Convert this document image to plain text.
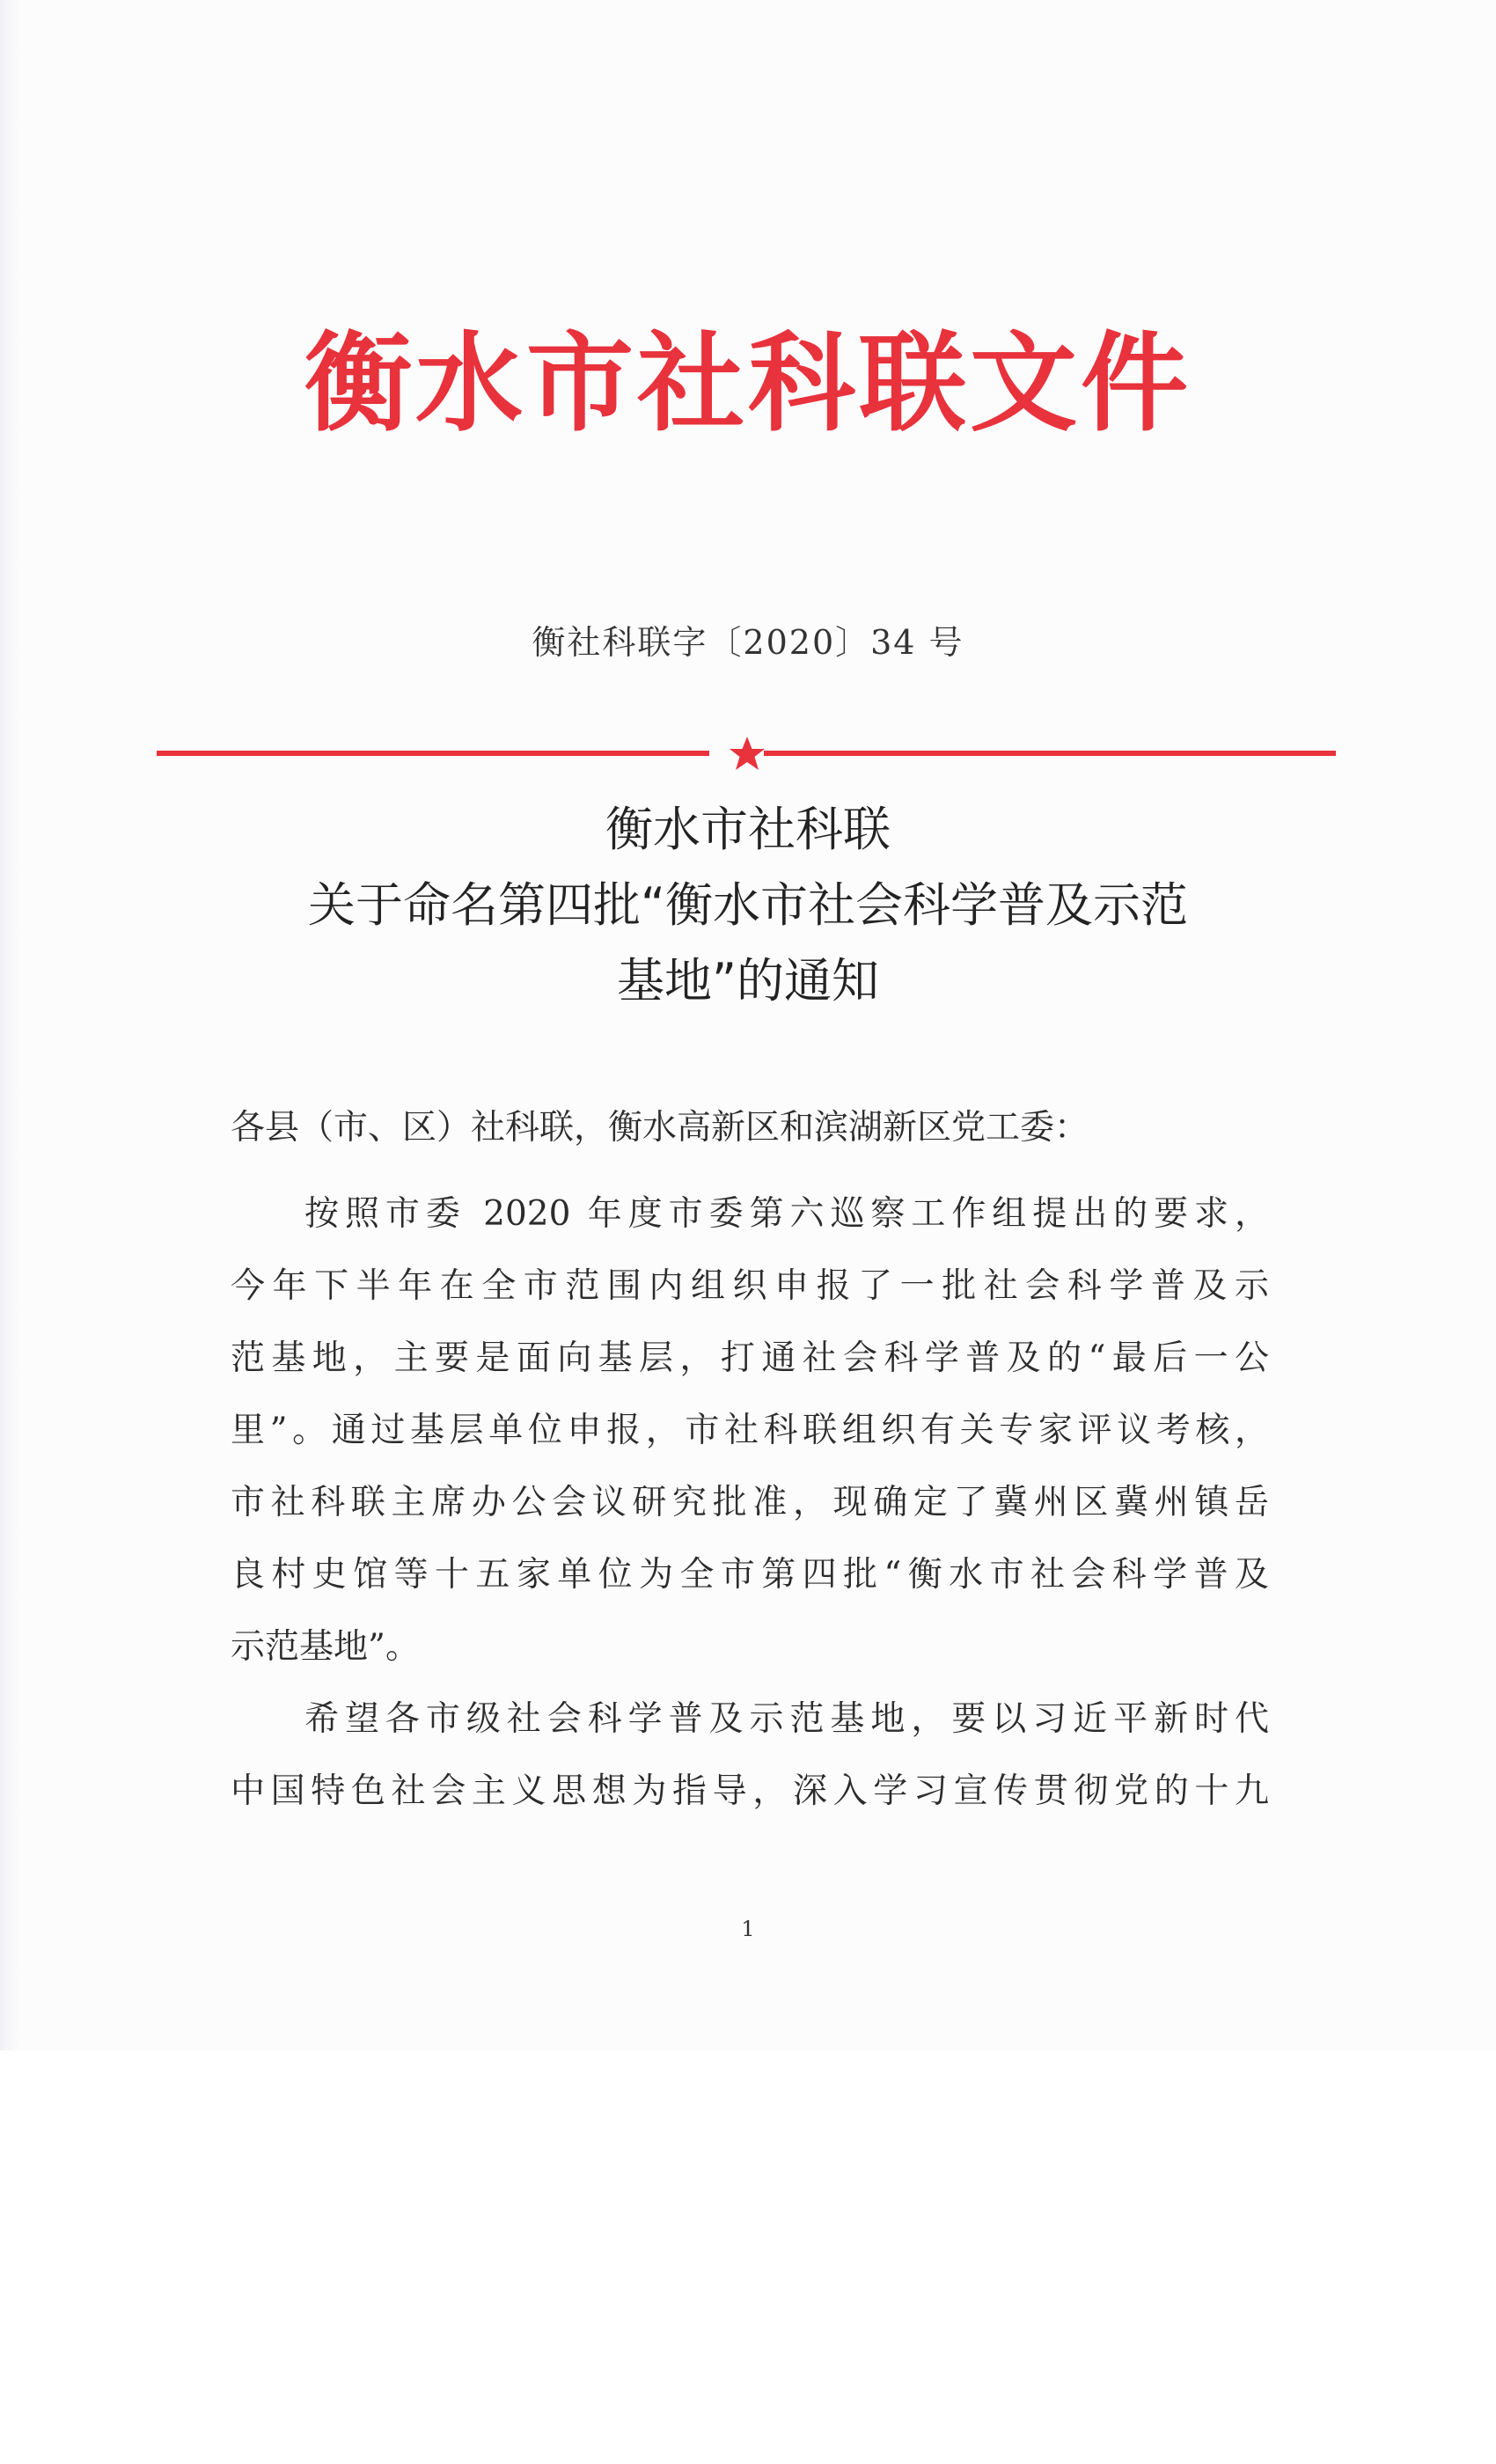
衡水市社科联文件
衡社科联字〔2020〕34 号
衡水市社科联
关于命名第四批“衡水市社会科学普及示范
基地”的通知
各县（市、区）社科联，衡水高新区和滨湖新区党工委：
按照市委 2020 年度市委第六巡察工作组提出的要求，
今年下半年在全市范围内组织申报了一批社会科学普及示
范基地，主要是面向基层，打通社会科学普及的“最后一公
里”。通过基层单位申报，市社科联组织有关专家评议考核，
市社科联主席办公会议研究批准，现确定了冀州区冀州镇岳
良村史馆等十五家单位为全市第四批“衡水市社会科学普及
示范基地”。
希望各市级社会科学普及示范基地，要以习近平新时代
中国特色社会主义思想为指导，深入学习宣传贯彻党的十九
1
